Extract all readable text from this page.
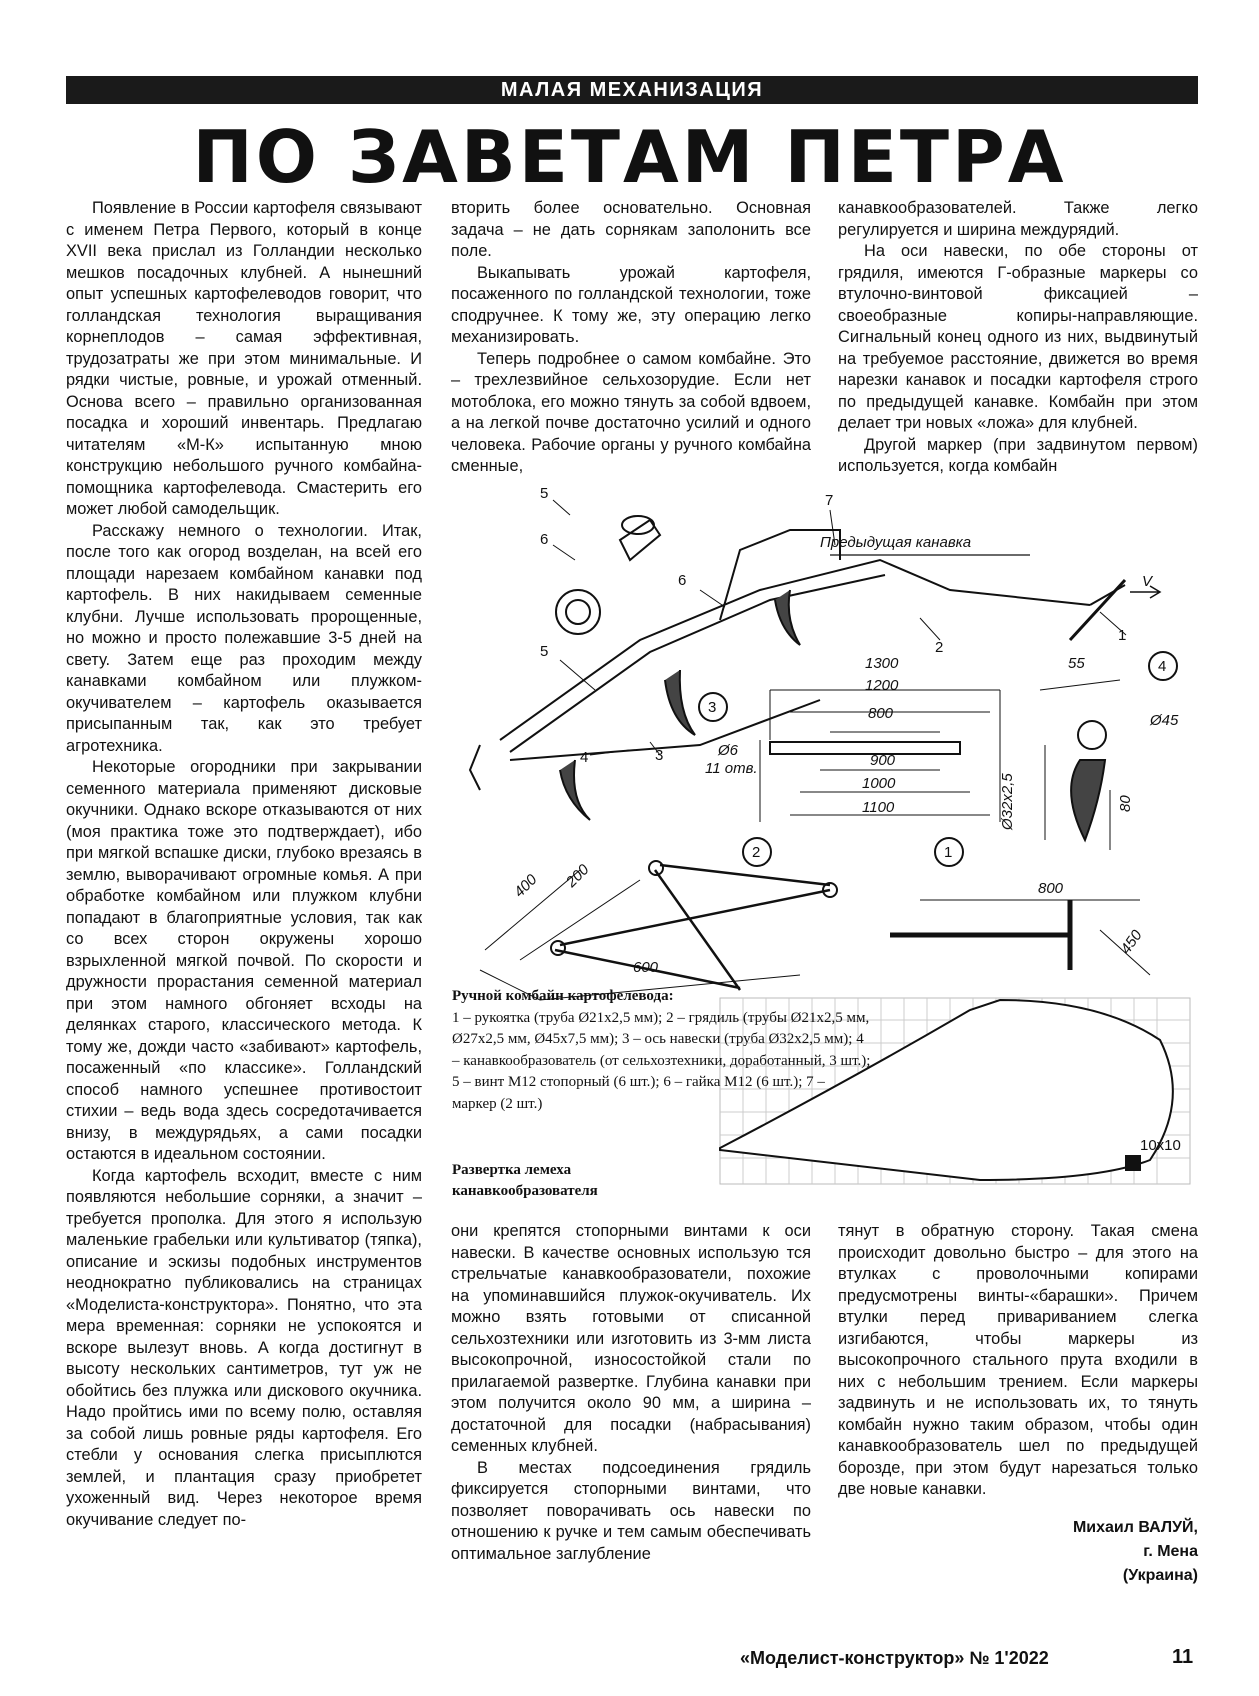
МАЛАЯ МЕХАНИЗАЦИЯ
ПО ЗАВЕТАМ ПЕТРА

Появление в России картофеля связывают с именем Петра Первого, который в конце XVII века прислал из Голландии несколько мешков посадочных клубней. А нынешний опыт успешных картофелеводов говорит, что голландская технология выращивания корнеплодов – самая эффективная, трудозатраты же при этом минимальные. И рядки чистые, ровные, и урожай отменный. Основа всего – правильно организованная посадка и хороший инвентарь. Предлагаю читателям «М-К» испытанную мною конструкцию небольшого ручного комбайна-помощника картофелевода. Смастерить его может любой самодельщик.

Расскажу немного о технологии. Итак, после того как огород возделан, на всей его площади нарезаем комбайном канавки под картофель. В них накидываем семенные клубни. Лучше использовать пророщенные, но можно и просто полежавшие 3-5 дней на свету. Затем еще раз проходим между канавками комбайном или плужком-окучивателем – картофель оказывается присыпанным так, как это требует агротехника.

Некоторые огородники при закрывании семенного материала применяют дисковые окучники. Однако вскоре отказываются от них (моя практика тоже это подтверждает), ибо при мягкой вспашке диски, глубоко врезаясь в землю, выворачивают огромные комья. А при обработке комбайном или плужком клубни попадают в благоприятные условия, так как со всех сторон окружены хорошо взрыхленной мягкой почвой. По скорости и дружности прорастания семенной материал при этом намного обгоняет всходы на делянках старого, классического метода. К тому же, дожди часто «забивают» картофель, посаженный «по классике». Голландский способ намного успешнее противостоит стихии – ведь вода здесь сосредотачивается внизу, в междурядьях, а сами посадки остаются в идеальном состоянии.

Когда картофель всходит, вместе с ним появляются небольшие сорняки, а значит – требуется прополка. Для этого я использую маленькие грабельки или культиватор (тяпка), описание и эскизы подобных инструментов неоднократно публиковались на страницах «Моделиста-конструктора». Понятно, что эта мера временная: сорняки не успокоятся и вскоре вылезут вновь. А когда достигнут в высоту нескольких сантиметров, тут уж не обойтись без плужка или дискового окучника. Надо пройтись ими по всему полю, оставляя за собой лишь ровные ряды картофеля. Его стебли у основания слегка присыплются землей, и плантация сразу приобретет ухоженный вид. Через некоторое время окучивание следует по-

вторить более основательно. Основная задача – не дать сорнякам заполонить все поле.

Выкапывать урожай картофеля, посаженного по голландской технологии, тоже сподручнее. К тому же, эту операцию легко механизировать.

Теперь подробнее о самом комбайне. Это – трехлезвийное сельхозорудие. Если нет мотоблока, его можно тянуть за собой вдвоем, а на легкой почве достаточно усилий и одного человека. Рабочие органы у ручного комбайна сменные,

канавкообразователей. Также легко регулируется и ширина междурядий.

На оси навески, по обе стороны от грядиля, имеются Г-образные маркеры со втулочно-винтовой фиксацией – своеобразные копиры-направляющие. Сигнальный конец одного из них, выдвинутый на требуемое расстояние, движется во время нарезки канавок и посадки картофеля строго по предыдущей канавке. Комбайн при этом делает три новых «ложа» для клубней.

Другой маркер (при задвинутом первом) используется, когда комбайн

они крепятся стопорными винтами к оси навески. В качестве основных использую тся стрельчатые канавкообразователи, похожие на упоминавшийся плужок-окучиватель. Их можно взять готовыми от списанной сельхозтехники или изготовить из 3-мм листа высокопрочной, износостойкой стали по прилагаемой развертке. Глубина канавки при этом получится около 90 мм, а ширина – достаточной для посадки (набрасывания) семенных клубней.

В местах подсоединения грядиль фиксируется стопорными винтами, что позволяет поворачивать ось навески по отношению к ручке и тем самым обеспечивать оптимальное заглубление

тянут в обратную сторону. Такая смена происходит довольно быстро – для этого на втулках с проволочными копирами предусмотрены винты-«барашки». Причем втулки перед привариванием слегка изгибаются, чтобы маркеры из высокопрочного стального прута входили в них с небольшим трением. Если маркеры задвинуть и не использовать их, то тянуть комбайн нужно таким образом, чтобы один канавкообразователь шел по предыдущей борозде, при этом будут нарезаться только две новые канавки.

Предыдущая канавка
V
5
6
7
6
5
4	3
2
1
3
4
2	1
1300
1200
800
900
1000
1100
Ø6
11 отв.
Ø32x2,5
55
Ø45
80
400 200
600
800
450
10x10
Ручной комбайн картофелевода:
1 – рукоятка (труба Ø21x2,5 мм); 2 – грядиль (трубы Ø21x2,5 мм, Ø27x2,5 мм, Ø45x7,5 мм); 3 – ось навески (труба Ø32x2,5 мм); 4 – канавкообразователь (от сельхозтехники, доработанный, 3 шт.); 5 – винт M12 стопорный (6 шт.); 6 – гайка M12 (6 шт.); 7 – маркер (2 шт.)
Развертка лемеха канавкообразователя
Михаил ВАЛУЙ,
г. Мена
(Украина)
«Моделист-конструктор» № 1'2022	11
